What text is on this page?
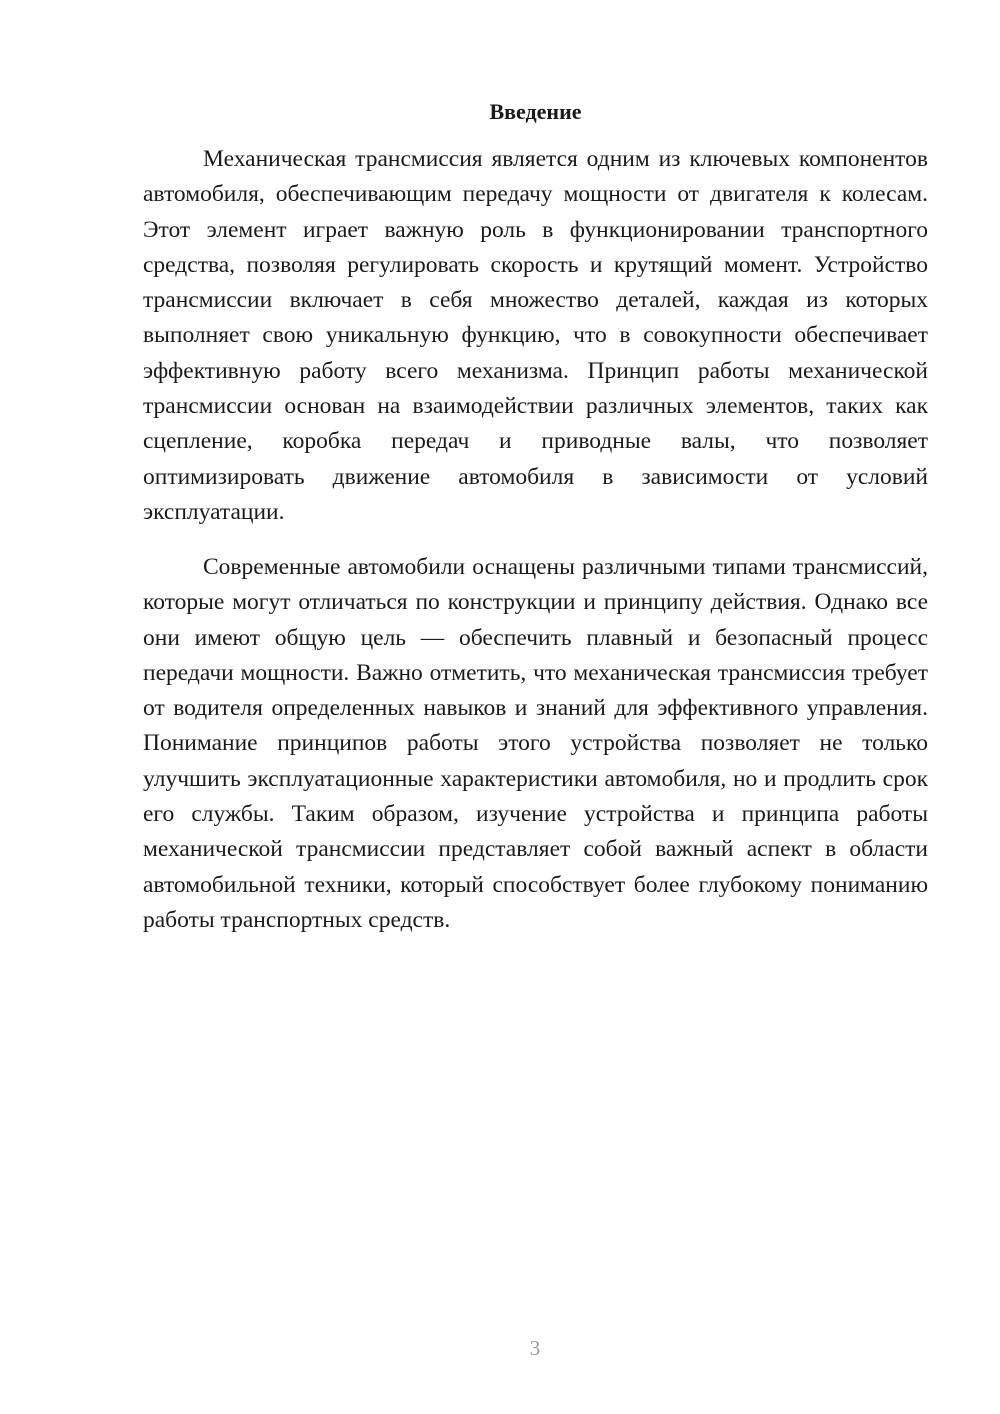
Введение

Механическая трансмиссия является одним из ключевых компонентов автомобиля, обеспечивающим передачу мощности от двигателя к колесам. Этот элемент играет важную роль в функционировании транспортного средства, позволяя регулировать скорость и крутящий момент. Устройство трансмиссии включает в себя множество деталей, каждая из которых выполняет свою уникальную функцию, что в совокупности обеспечивает эффективную работу всего механизма. Принцип работы механической трансмиссии основан на взаимодействии различных элементов, таких как сцепление, коробка передач и приводные валы, что позволяет оптимизировать движение автомобиля в зависимости от условий эксплуатации.

Современные автомобили оснащены различными типами трансмиссий, которые могут отличаться по конструкции и принципу действия. Однако все они имеют общую цель — обеспечить плавный и безопасный процесс передачи мощности. Важно отметить, что механическая трансмиссия требует от водителя определенных навыков и знаний для эффективного управления. Понимание принципов работы этого устройства позволяет не только улучшить эксплуатационные характеристики автомобиля, но и продлить срок его службы. Таким образом, изучение устройства и принципа работы механической трансмиссии представляет собой важный аспект в области автомобильной техники, который способствует более глубокому пониманию работы транспортных средств.

3
